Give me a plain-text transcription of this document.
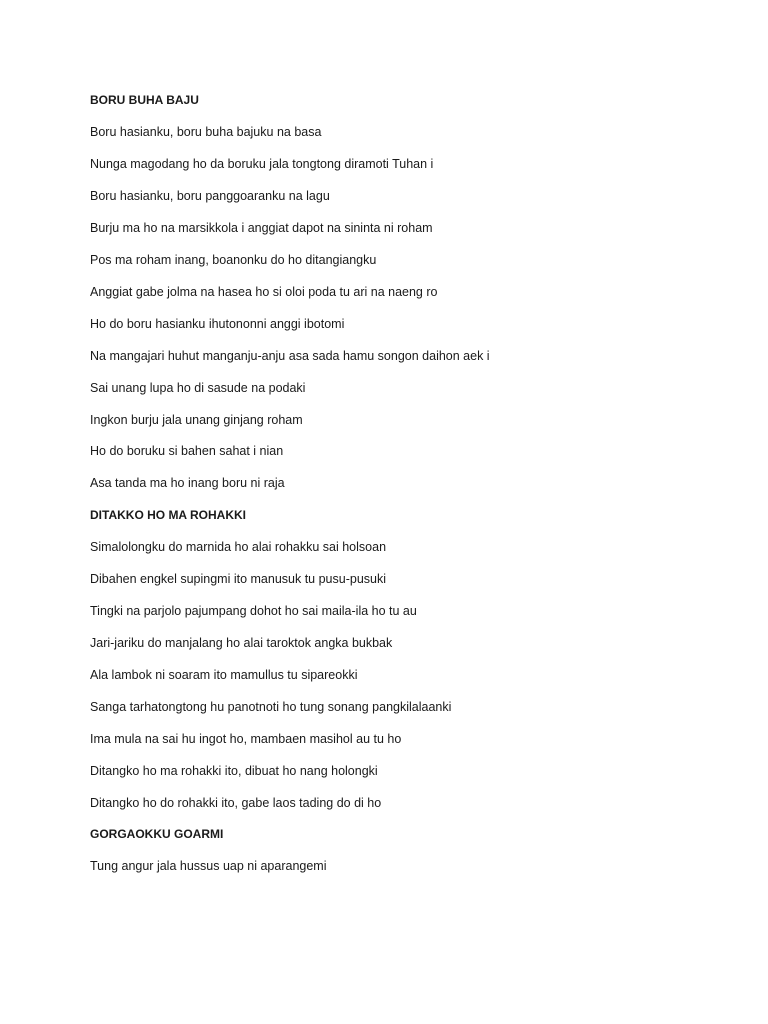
BORU BUHA BAJU
Boru hasianku, boru buha bajuku na basa
Nunga magodang ho da boruku jala tongtong diramoti Tuhan i
Boru hasianku, boru panggoaranku na lagu
Burju ma ho na marsikkola i anggiat dapot na sininta ni roham
Pos ma roham inang, boanonku do ho ditangiangku
Anggiat gabe jolma na hasea ho si oloi poda tu ari na naeng ro
Ho do boru hasianku ihutononni anggi ibotomi
Na mangajari huhut manganju-anju asa sada hamu songon daihon aek i
Sai unang lupa ho di sasude na podaki
Ingkon burju jala unang ginjang roham
Ho do boruku si bahen sahat i nian
Asa tanda ma ho inang boru ni raja
DITAKKO HO MA ROHAKKI
Simalolongku do marnida ho alai rohakku sai holsoan
Dibahen engkel supingmi ito manusuk tu pusu-pusuki
Tingki na parjolo pajumpang dohot ho sai maila-ila ho tu au
Jari-jariku do manjalang ho alai taroktok angka bukbak
Ala lambok ni soaram ito mamullus tu sipareokki
Sanga tarhatongtong hu panotnoti ho tung sonang pangkilalaanki
Ima mula na sai hu ingot ho, mambaen masihol au tu ho
Ditangko ho ma rohakki ito, dibuat ho nang holongki
Ditangko ho do rohakki ito, gabe laos tading do di ho
GORGAOKKU GOARMI
Tung angur jala hussus uap ni aparangemi
